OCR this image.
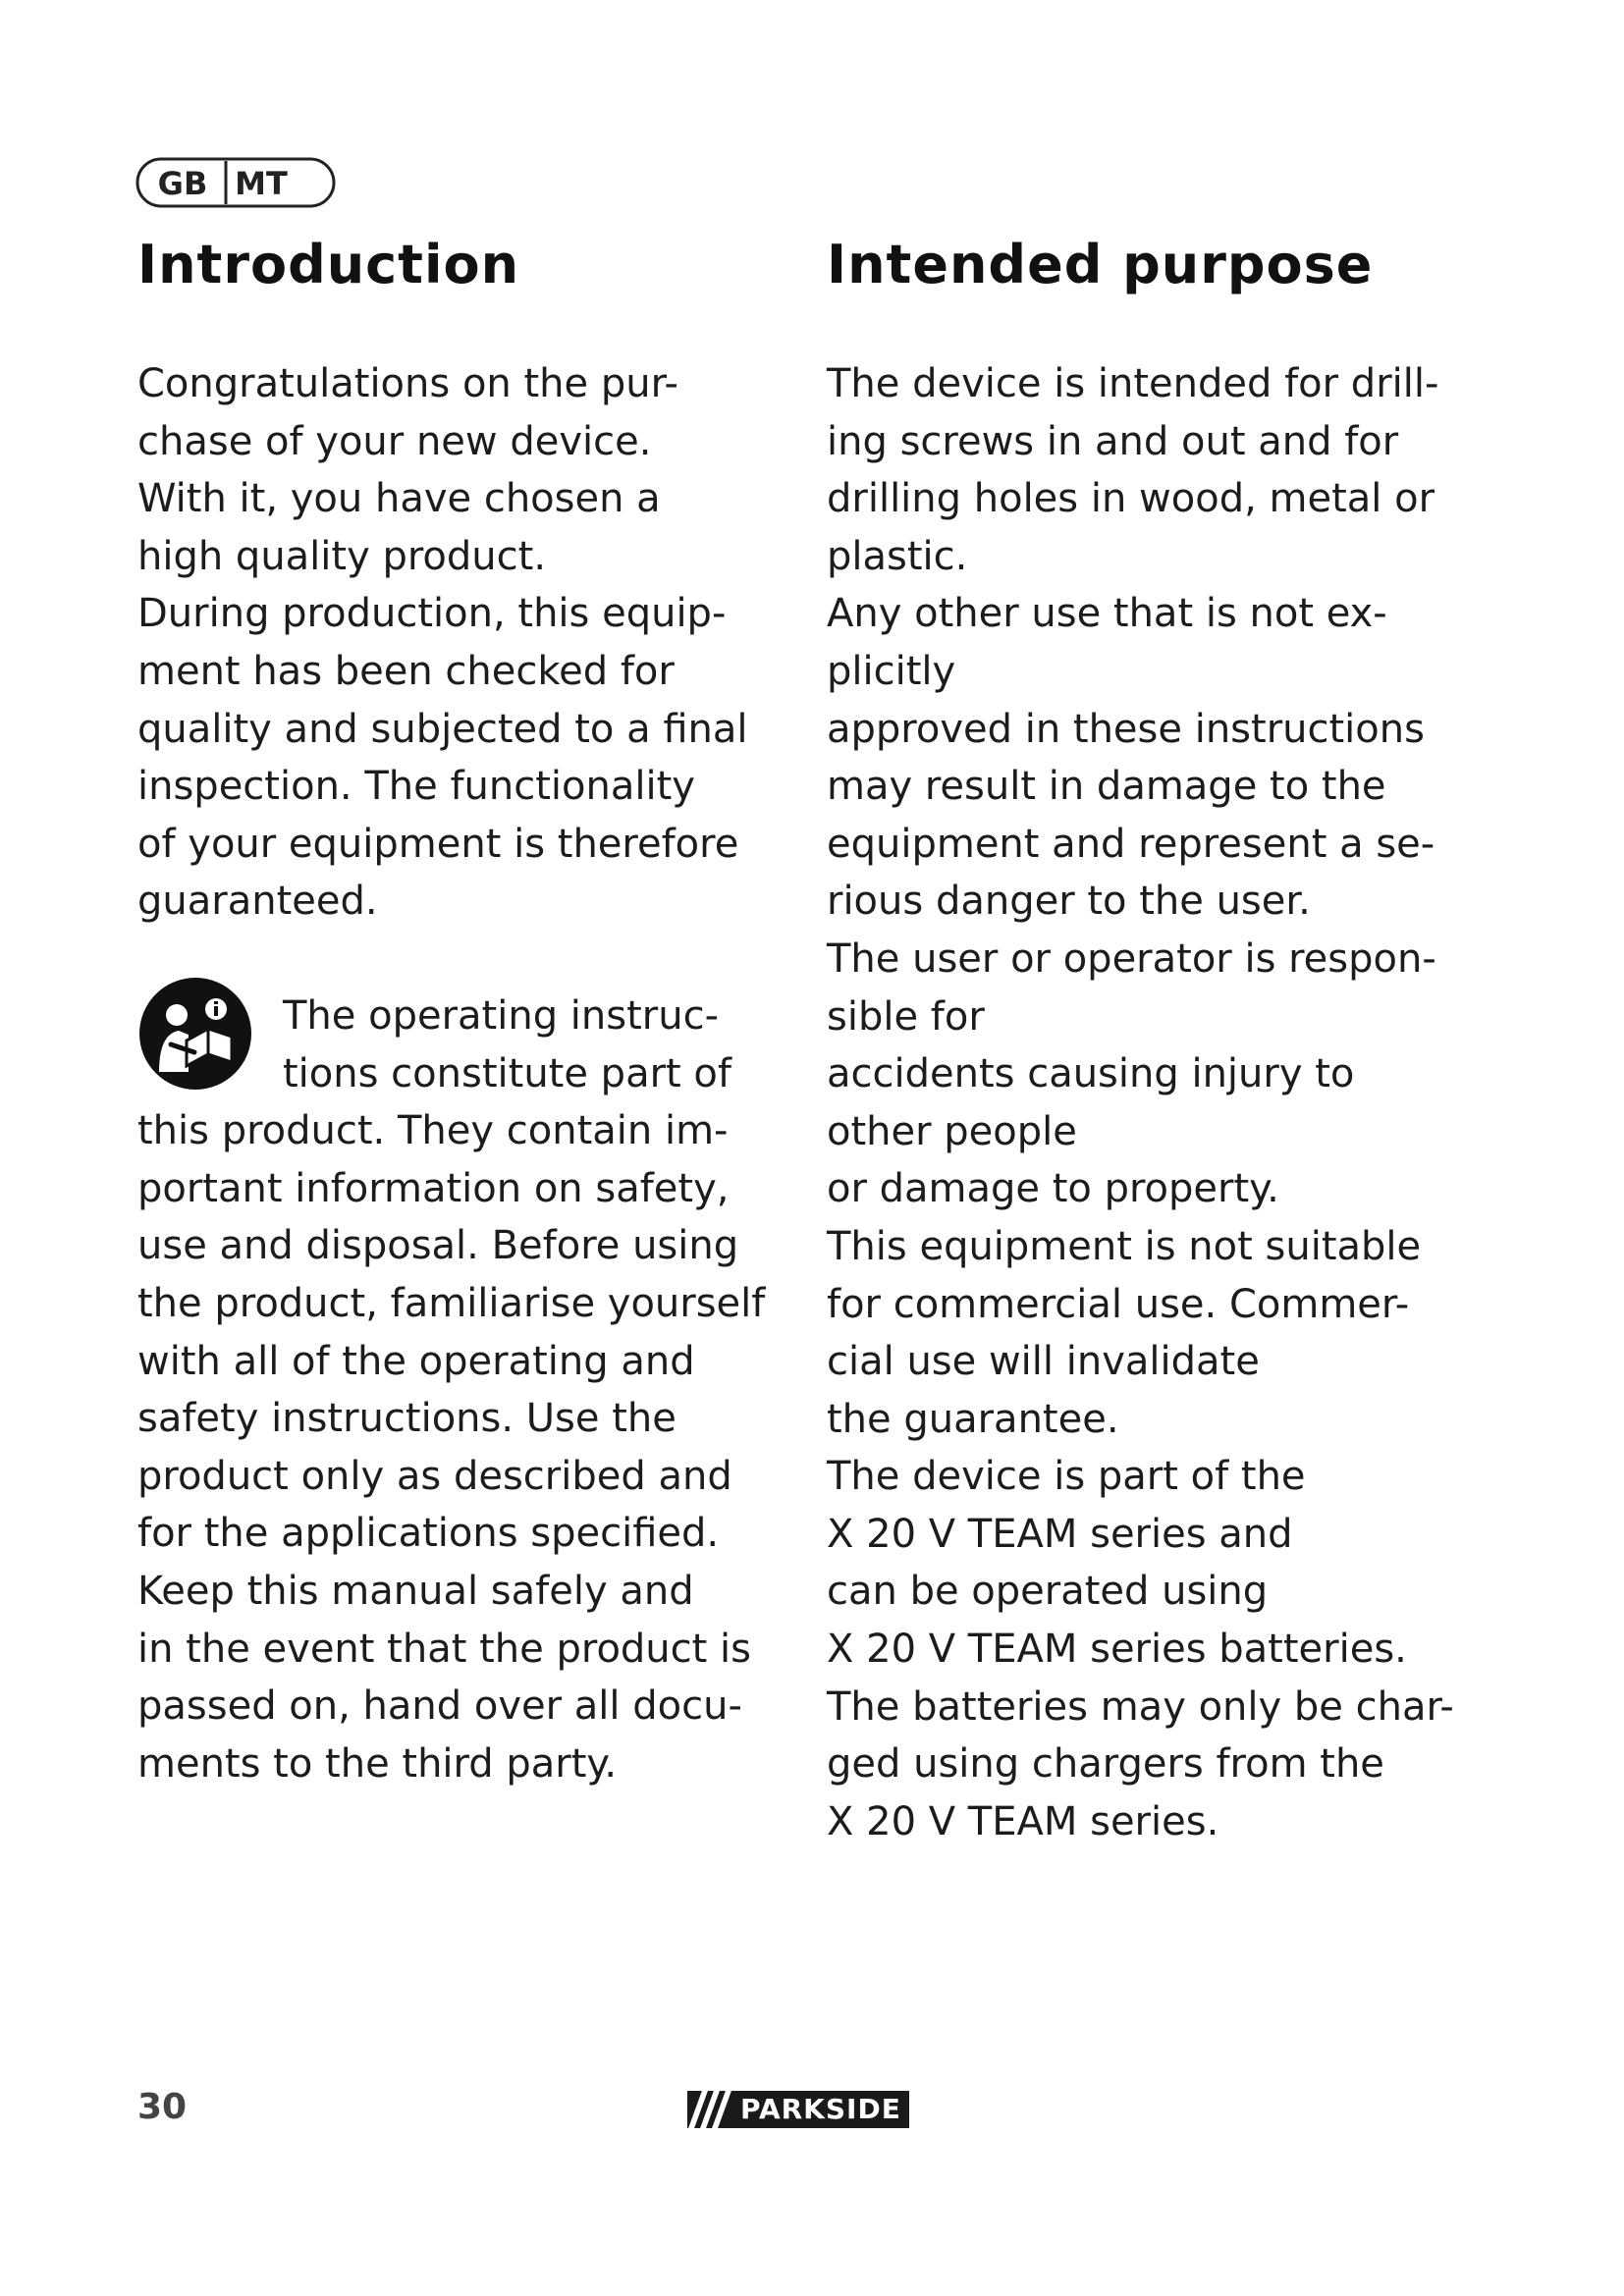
GB MT
Introduction	Intended purpose
Congratulations on the pur-
chase of your new device.
With it, you have chosen a
high quality product.
During production, this equip-
ment has been checked for
quality and subjected to a final
inspection. The functionality
of your equipment is therefore
guaranteed.
The operating instruc-
tions constitute part of
this product. They contain im-
portant information on safety,
use and disposal. Before using
the product, familiarise yourself
with all of the operating and
safety instructions. Use the
product only as described and
for the applications specified.
Keep this manual safely and
in the event that the product is
passed on, hand over all docu-
ments to the third party.
The device is intended for drill-
ing screws in and out and for
drilling holes in wood, metal or
plastic.
Any other use that is not ex-
plicitly
approved in these instructions
may result in damage to the
equipment and represent a se-
rious danger to the user.
The user or operator is respon-
sible for
accidents causing injury to
other people
or damage to property.
This equipment is not suitable
for commercial use. Commer-
cial use will invalidate
the guarantee.
The device is part of the
X 20 V TEAM series and
can be operated using
X 20 V TEAM series batteries.
The batteries may only be char-
ged using chargers from the
X 20 V TEAM series.
30	PARKSIDE
